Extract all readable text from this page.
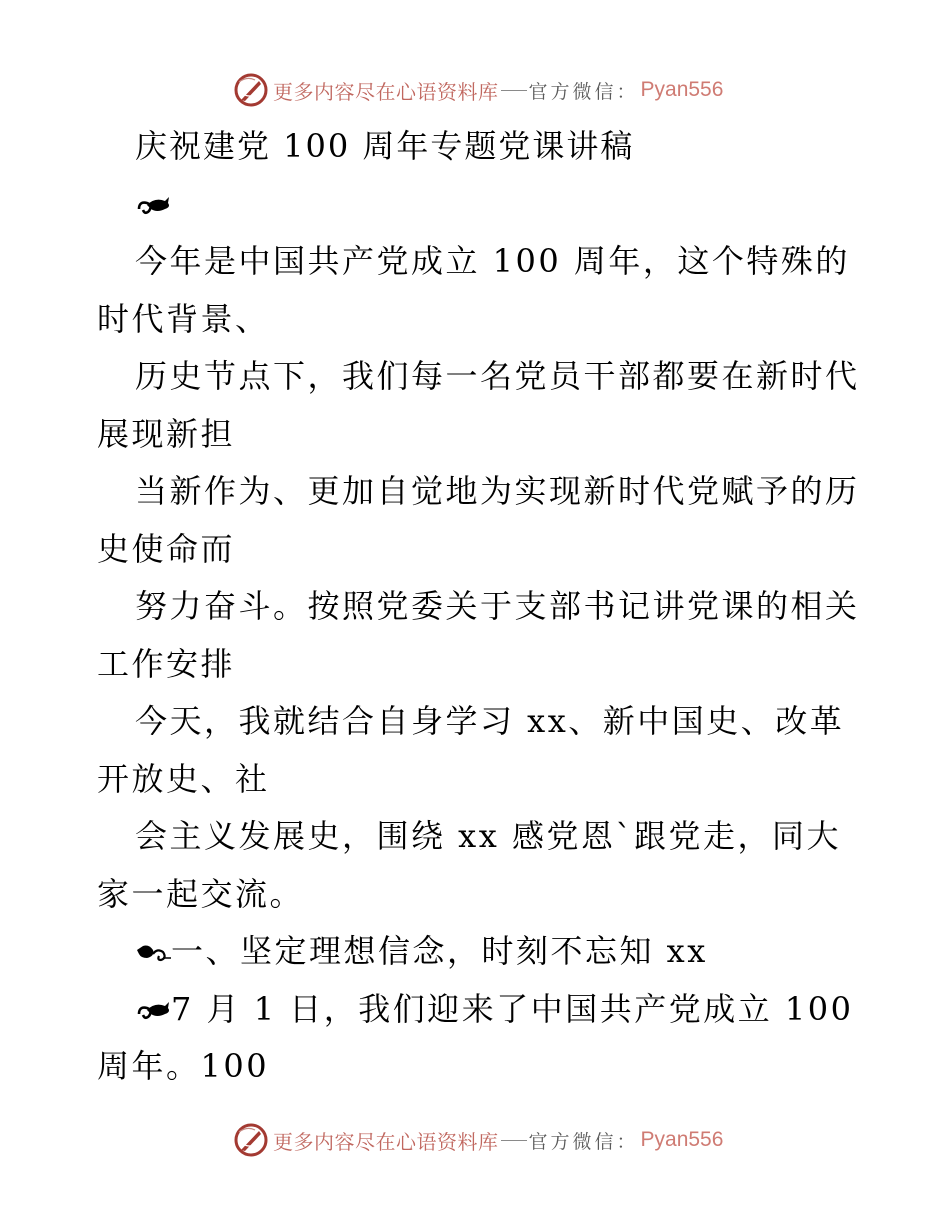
更多内容尽在心语资料库 官方微信： Pyan556
庆祝建党 100 周年专题党课讲稿
今年是中国共产党成立 100 周年，这个特殊的
时代背景、
历史节点下，我们每一名党员干部都要在新时代
展现新担
当新作为、更加自觉地为实现新时代党赋予的历
史使命而
努力奋斗。按照党委关于支部书记讲党课的相关
工作安排
今天，我就结合自身学习 xx、新中国史、改革
开放史、社
会主义发展史，围绕 xx 感党恩`跟党走，同大
家一起交流。
一、坚定理想信念，时刻不忘知 xx
7 月 1 日，我们迎来了中国共产党成立 100
周年。100
更多内容尽在心语资料库 官方微信： Pyan556
